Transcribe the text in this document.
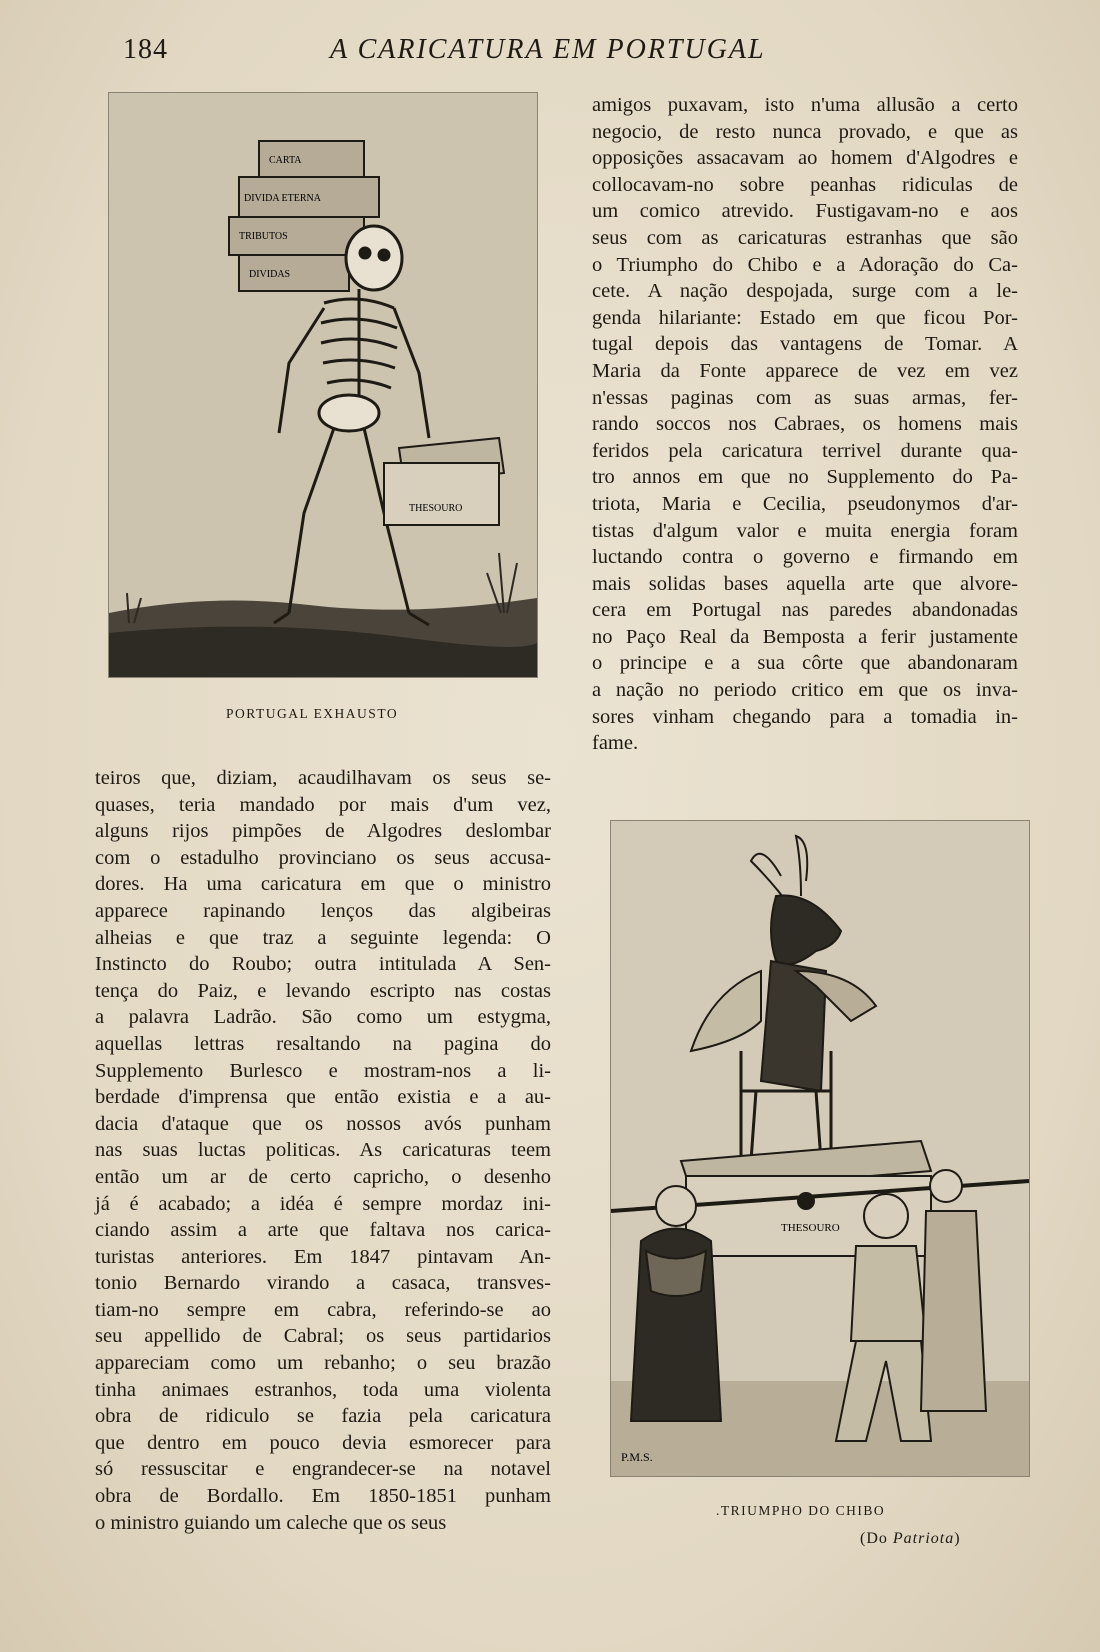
184	A CARICATURA EM PORTUGAL
CARTA
DIVIDA ETERNA
TRIBUTOS
DIVIDAS
THESOURO
PORTUGAL EXHAUSTO
THESOURO
P.M.S.
.TRIUMPHO DO CHIBO
(Do Patriota)
amigos puxavam, isto n'uma allusão a certo
negocio, de resto nunca provado, e que as
opposições assacavam ao homem d'Algodres e
collocavam-no sobre peanhas ridiculas de
um comico atrevido. Fustigavam-no e aos
seus com as caricaturas estranhas que são
o Triumpho do Chibo e a Adoração do Ca-
cete. A nação despojada, surge com a le-
genda hilariante: Estado em que ficou Por-
tugal depois das vantagens de Tomar. A
Maria da Fonte apparece de vez em vez
n'essas paginas com as suas armas, fer-
rando soccos nos Cabraes, os homens mais
feridos pela caricatura terrivel durante qua-
tro annos em que no Supplemento do Pa-
triota, Maria e Cecilia, pseudonymos d'ar-
tistas d'algum valor e muita energia foram
luctando contra o governo e firmando em
mais solidas bases aquella arte que alvore-
cera em Portugal nas paredes abandonadas
no Paço Real da Bemposta a ferir justamente
o principe e a sua côrte que abandonaram
a nação no periodo critico em que os inva-
sores vinham chegando para a tomadia in-
fame.
teiros que, diziam, acaudilhavam os seus se-
quases, teria mandado por mais d'um vez,
alguns rijos pimpões de Algodres deslombar
com o estadulho provinciano os seus accusa-
dores. Ha uma caricatura em que o ministro
apparece rapinando lenços das algibeiras
alheias e que traz a seguinte legenda: O
Instincto do Roubo; outra intitulada A Sen-
tença do Paiz, e levando escripto nas costas
a palavra Ladrão. São como um estygma,
aquellas lettras resaltando na pagina do
Supplemento Burlesco e mostram-nos a li-
berdade d'imprensa que então existia e a au-
dacia d'ataque que os nossos avós punham
nas suas luctas politicas. As caricaturas teem
então um ar de certo capricho, o desenho
já é acabado; a idéa é sempre mordaz ini-
ciando assim a arte que faltava nos carica-
turistas anteriores. Em 1847 pintavam An-
tonio Bernardo virando a casaca, transves-
tiam-no sempre em cabra, referindo-se ao
seu appellido de Cabral; os seus partidarios
appareciam como um rebanho; o seu brazão
tinha animaes estranhos, toda uma violenta
obra de ridiculo se fazia pela caricatura
que dentro em pouco devia esmorecer para
só ressuscitar e engrandecer-se na notavel
obra de Bordallo. Em 1850-1851 punham
o ministro guiando um caleche que os seus
